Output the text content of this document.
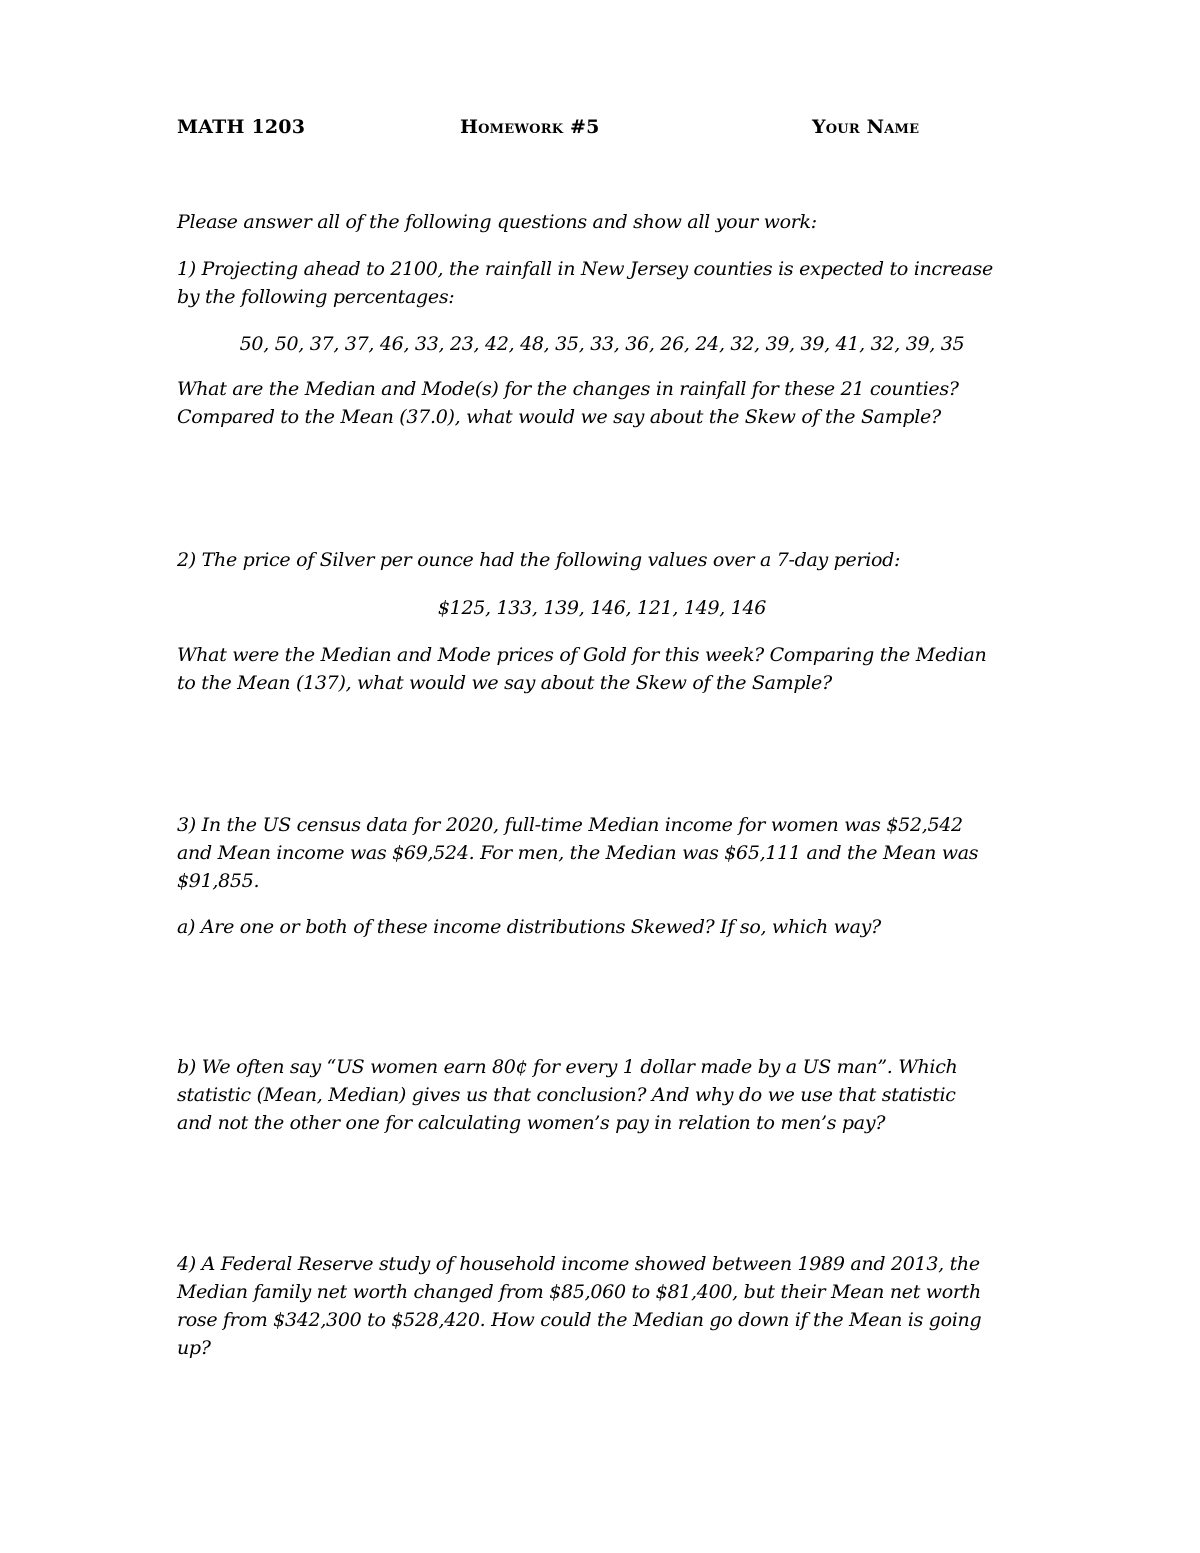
MATH 1203	Homework #5	Your Name
Please answer all of the following questions and show all your work:
1) Projecting ahead to 2100, the rainfall in New Jersey counties is expected to increase
by the following percentages:
50, 50, 37, 37, 46, 33, 23, 42, 48, 35, 33, 36, 26, 24, 32, 39, 39, 41, 32, 39, 35
What are the Median and Mode(s) for the changes in rainfall for these 21 counties?
Compared to the Mean (37.0), what would we say about the Skew of the Sample?
2) The price of Silver per ounce had the following values over a 7-day period:
$125, 133, 139, 146, 121, 149, 146
What were the Median and Mode prices of Gold for this week? Comparing the Median
to the Mean (137), what would we say about the Skew of the Sample?
3) In the US census data for 2020, full-time Median income for women was $52,542
and Mean income was $69,524. For men, the Median was $65,111 and the Mean was
$91,855.
a) Are one or both of these income distributions Skewed? If so, which way?
b) We often say “US women earn 80¢ for every 1 dollar made by a US man”. Which
statistic (Mean, Median) gives us that conclusion? And why do we use that statistic
and not the other one for calculating women’s pay in relation to men’s pay?
4) A Federal Reserve study of household income showed between 1989 and 2013, the
Median family net worth changed from $85,060 to $81,400, but their Mean net worth
rose from $342,300 to $528,420. How could the Median go down if the Mean is going
up?
